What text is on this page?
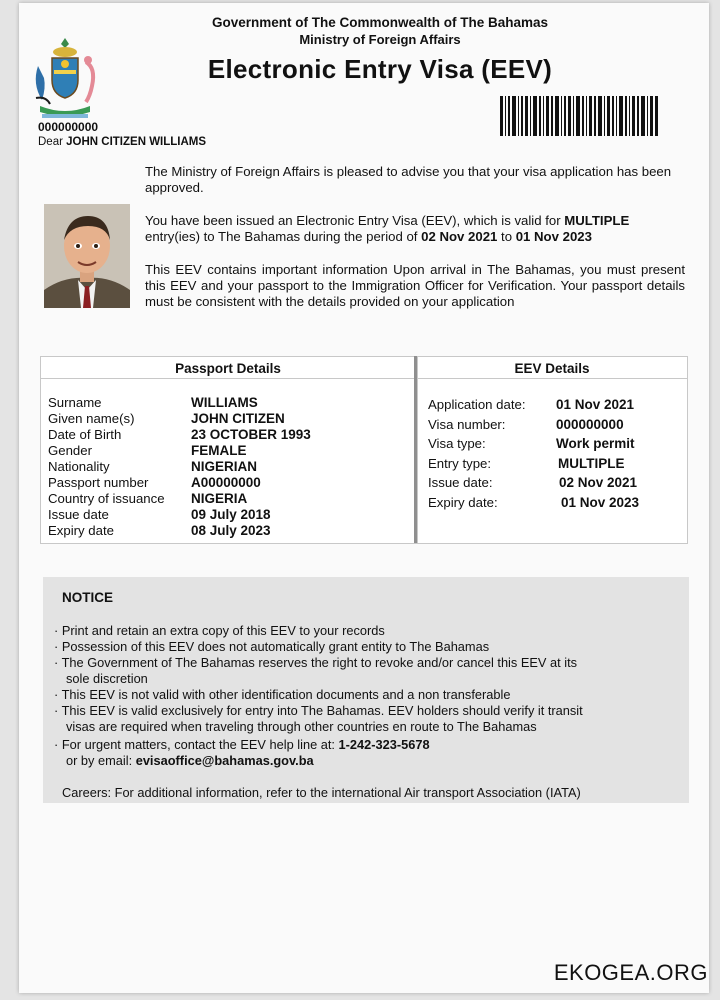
Government of The Commonwealth of The Bahamas
Ministry of Foreign Affairs
Electronic Entry Visa (EEV)
000000000
Dear JOHN CITIZEN WILLIAMS
The Ministry of Foreign Affairs is pleased to advise you that your visa application has been approved.
You have been issued an Electronic Entry Visa (EEV), which is valid for MULTIPLE entry(ies) to The Bahamas during the period of 02 Nov 2021 to 01 Nov 2023
This EEV contains important information Upon arrival in The Bahamas, you must present this EEV and your passport to the Immigration Officer for Verification. Your passport details must be consistent with the details provided on your application
Passport Details
Surname	WILLIAMS
Given name(s)	JOHN CITIZEN
Date of Birth	23 OCTOBER 1993
Gender	FEMALE
Nationality	NIGERIAN
Passport number	A00000000
Country of issuance	NIGERIA
Issue date	09 July 2018
Expiry date	08 July 2023
EEV Details
Application date:	01 Nov 2021
Visa number:	000000000
Visa type:	Work permit
Entry type:	MULTIPLE
Issue date:	02 Nov 2021
Expiry date:	01 Nov 2023
NOTICE
· Print and retain an extra copy of this EEV to your records
· Possession of this EEV does not automatically grant entity to The Bahamas
· The Government of The Bahamas reserves the right to revoke and/or cancel this EEV at its
sole discretion
· This EEV is not valid with other identification documents and a non transferable
· This EEV is valid exclusively for entry into The Bahamas. EEV holders should verify it transit
visas are required when traveling through other countries en route to The Bahamas
· For urgent matters, contact the EEV help line at: 1-242-323-5678
or by email: evisaoffice@bahamas.gov.ba
Careers: For additional information, refer to the international Air transport Association (IATA)
EKOGEA.ORG
